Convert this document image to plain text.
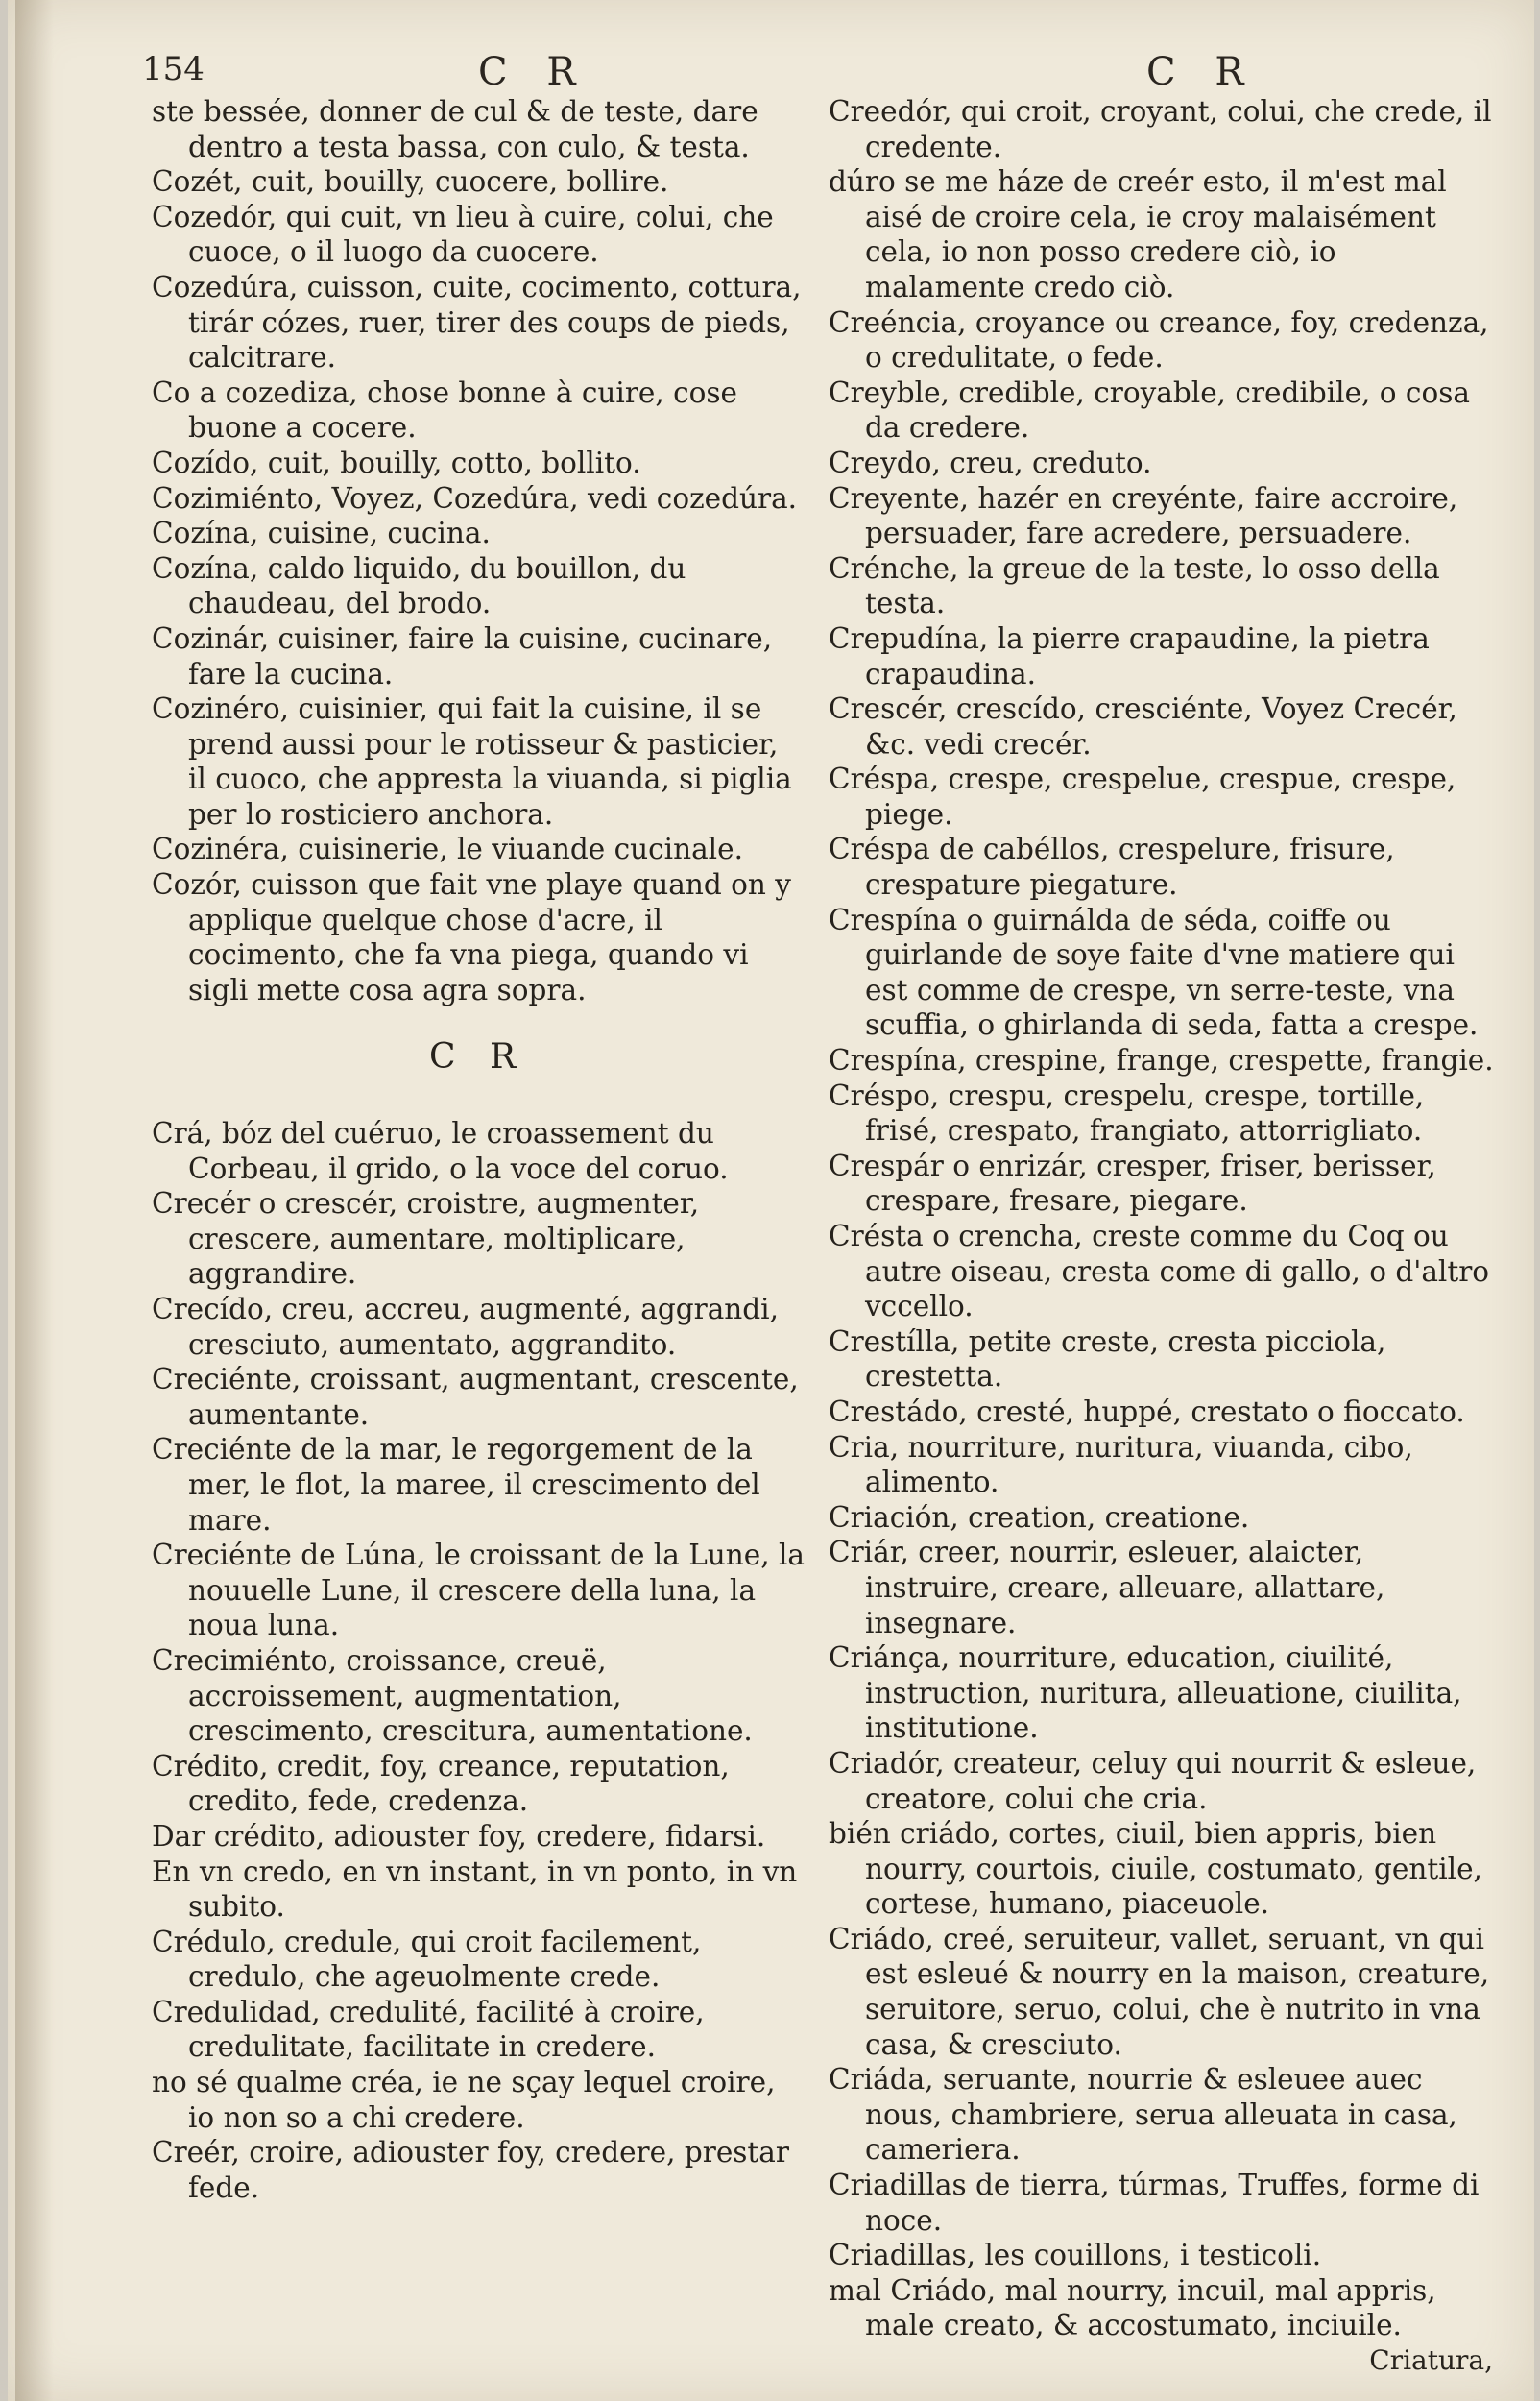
154	C R	C R

ste bessée, donner de cul & de teste, dare dentro a testa bassa, con culo, & testa.

Cozét, cuit, bouilly, cuocere, bollire.

Cozedór, qui cuit, vn lieu à cuire, colui, che cuoce, o il luogo da cuocere.

Cozedúra, cuisson, cuite, cocimento, cottura, tirár cózes, ruer, tirer des coups de pieds, calcitrare.

Co a cozediza, chose bonne à cuire, cose buone a cocere.

Cozído, cuit, bouilly, cotto, bollito.

Cozimiénto, Voyez, Cozedúra, vedi cozedúra.

Cozína, cuisine, cucina.

Cozína, caldo liquido, du bouillon, du chaudeau, del brodo.

Cozinár, cuisiner, faire la cuisine, cucinare, fare la cucina.

Cozinéro, cuisinier, qui fait la cuisine, il se prend aussi pour le rotisseur & pasticier, il cuoco, che appresta la viuanda, si piglia per lo rosticiero anchora.

Cozinéra, cuisinerie, le viuande cucinale.

Cozór, cuisson que fait vne playe quand on y applique quelque chose d'acre, il cocimento, che fa vna piega, quando vi sigli mette cosa agra sopra.

C R

Crá, bóz del cuéruo, le croassement du Corbeau, il grido, o la voce del coruo.

Crecér o crescér, croistre, augmenter, crescere, aumentare, moltiplicare, aggrandire.

Crecído, creu, accreu, augmenté, aggrandi, cresciuto, aumentato, aggrandito.

Creciénte, croissant, augmentant, crescente, aumentante.

Creciénte de la mar, le regorgement de la mer, le flot, la maree, il crescimento del mare.

Creciénte de Lúna, le croissant de la Lune, la nouuelle Lune, il crescere della luna, la noua luna.

Crecimiénto, croissance, creuë, accroissement, augmentation, crescimento, crescitura, aumentatione.

Crédito, credit, foy, creance, reputation, credito, fede, credenza.

Dar crédito, adiouster foy, credere, fidarsi.

En vn credo, en vn instant, in vn ponto, in vn subito.

Crédulo, credule, qui croit facilement, credulo, che ageuolmente crede.

Credulidad, credulité, facilité à croire, credulitate, facilitate in credere.

no sé qualme créa, ie ne sçay lequel croire, io non so a chi credere.

Creér, croire, adiouster foy, credere, prestar fede.

Creedór, qui croit, croyant, colui, che crede, il credente.

dúro se me háze de creér esto, il m'est mal aisé de croire cela, ie croy malaisément cela, io non posso credere ciò, io malamente credo ciò.

Creéncia, croyance ou creance, foy, credenza, o credulitate, o fede.

Creyble, credible, croyable, credibile, o cosa da credere.

Creydo, creu, creduto.

Creyente, hazér en creyénte, faire accroire, persuader, fare acredere, persuadere.

Crénche, la greue de la teste, lo osso della testa.

Crepudína, la pierre crapaudine, la pietra crapaudina.

Crescér, crescído, cresciénte, Voyez Crecér, &c. vedi crecér.

Créspa, crespe, crespelue, crespue, crespe, piege.

Créspa de cabéllos, crespelure, frisure, crespature piegature.

Crespína o guirnálda de séda, coiffe ou guirlande de soye faite d'vne matiere qui est comme de crespe, vn serre-teste, vna scuffia, o ghirlanda di seda, fatta a crespe.

Crespína, crespine, frange, crespette, frangie.

Créspo, crespu, crespelu, crespe, tortille, frisé, crespato, frangiato, attorrigliato.

Crespár o enrizár, cresper, friser, berisser, crespare, fresare, piegare.

Crésta o crencha, creste comme du Coq ou autre oiseau, cresta come di gallo, o d'altro vccello.

Crestílla, petite creste, cresta picciola, crestetta.

Crestádo, cresté, huppé, crestato o fioccato.

Cria, nourriture, nuritura, viuanda, cibo, alimento.

Criación, creation, creatione.

Criár, creer, nourrir, esleuer, alaicter, instruire, creare, alleuare, allattare, insegnare.

Criánça, nourriture, education, ciuilité, instruction, nuritura, alleuatione, ciuilita, institutione.

Criadór, createur, celuy qui nourrit & esleue, creatore, colui che cria.

bién criádo, cortes, ciuil, bien appris, bien nourry, courtois, ciuile, costumato, gentile, cortese, humano, piaceuole.

Criádo, creé, seruiteur, vallet, seruant, vn qui est esleué & nourry en la maison, creature, seruitore, seruo, colui, che è nutrito in vna casa, & cresciuto.

Criáda, seruante, nourrie & esleuee auec nous, chambriere, serua alleuata in casa, cameriera.

Criadillas de tierra, túrmas, Truffes, forme di noce.

Criadillas, les couillons, i testicoli.

mal Criádo, mal nourry, incuil, mal appris, male creato, & accostumato, inciuile.

Criatura,
